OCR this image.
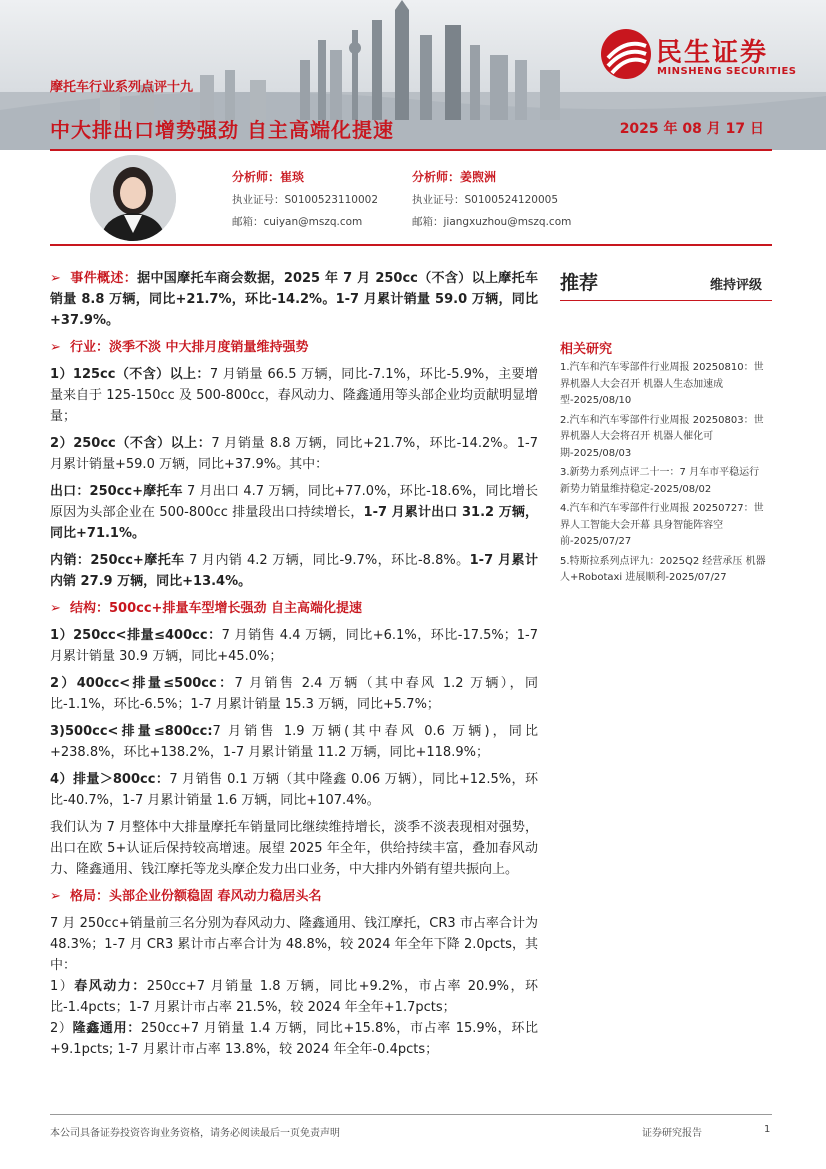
摩托车行业系列点评十九
中大排出口增势强劲 自主高端化提速	2025 年 08 月 17 日
民生证券
MINSHENG SECURITIES
分析师：崔琰
执业证号：S0100523110002
邮箱：cuiyan@mszq.com
分析师：姜煦洲
执业证号：S0100524120005
邮箱：jiangxuzhou@mszq.com

➢ 事件概述：据中国摩托车商会数据，2025 年 7 月 250cc（不含）以上摩托车销量 8.8 万辆，同比+21.7%，环比-14.2%。1-7 月累计销量 59.0 万辆，同比+37.9%。

➢ 行业：淡季不淡 中大排月度销量维持强势

1）125cc（不含）以上：7 月销量 66.5 万辆，同比-7.1%，环比-5.9%，主要增量来自于 125-150cc 及 500-800cc，春风动力、隆鑫通用等头部企业均贡献明显增量；

2）250cc（不含）以上：7 月销量 8.8 万辆，同比+21.7%，环比-14.2%。1-7 月累计销量+59.0 万辆，同比+37.9%。其中：

出口：250cc+摩托车 7 月出口 4.7 万辆，同比+77.0%，环比-18.6%，同比增长原因为头部企业在 500-800cc 排量段出口持续增长，1-7 月累计出口 31.2 万辆，同比+71.1%。

内销：250cc+摩托车 7 月内销 4.2 万辆，同比-9.7%，环比-8.8%。1-7 月累计内销 27.9 万辆，同比+13.4%。

➢ 结构：500cc+排量车型增长强劲 自主高端化提速

1）250cc<排量≤400cc：7 月销售 4.4 万辆，同比+6.1%，环比-17.5%；1-7 月累计销量 30.9 万辆，同比+45.0%；

2）400cc<排量≤500cc：7 月销售 2.4 万辆（其中春风 1.2 万辆），同比-1.1%，环比-6.5%；1-7 月累计销量 15.3 万辆，同比+5.7%；

3)500cc<排量≤800cc:7 月销售 1.9 万辆(其中春风 0.6 万辆)，同比+238.8%，环比+138.2%，1-7 月累计销量 11.2 万辆，同比+118.9%；

4）排量＞800cc：7 月销售 0.1 万辆（其中隆鑫 0.06 万辆），同比+12.5%，环比-40.7%，1-7 月累计销量 1.6 万辆，同比+107.4%。

我们认为 7 月整体中大排量摩托车销量同比继续维持增长，淡季不淡表现相对强势，出口在欧 5+认证后保持较高增速。展望 2025 年全年，供给持续丰富，叠加春风动力、隆鑫通用、钱江摩托等龙头摩企发力出口业务，中大排内外销有望共振向上。

➢ 格局：头部企业份额稳固 春风动力稳居头名

7 月 250cc+销量前三名分别为春风动力、隆鑫通用、钱江摩托，CR3 市占率合计为 48.3%；1-7 月 CR3 累计市占率合计为 48.8%，较 2024 年全年下降 2.0pcts，其中：

1）春风动力：250cc+7 月销量 1.8 万辆，同比+9.2%，市占率 20.9%，环比-1.4pcts；1-7 月累计市占率 21.5%，较 2024 年全年+1.7pcts；

2）隆鑫通用：250cc+7 月销量 1.4 万辆，同比+15.8%，市占率 15.9%，环比+9.1pcts; 1-7 月累计市占率 13.8%，较 2024 年全年-0.4pcts；

推荐	维持评级
相关研究
1.汽车和汽车零部件行业周报 20250810：世界机器人大会召开 机器人生态加速成型-2025/08/10
2.汽车和汽车零部件行业周报 20250803：世界机器人大会将召开 机器人催化可期-2025/08/03
3.新势力系列点评二十一：7 月车市平稳运行 新势力销量维持稳定-2025/08/02
4.汽车和汽车零部件行业周报 20250727：世界人工智能大会开幕 具身智能阵容空前-2025/07/27
5.特斯拉系列点评九：2025Q2 经营承压 机器人+Robotaxi 进展顺利-2025/07/27
本公司具备证券投资咨询业务资格，请务必阅读最后一页免责声明	证券研究报告	1
